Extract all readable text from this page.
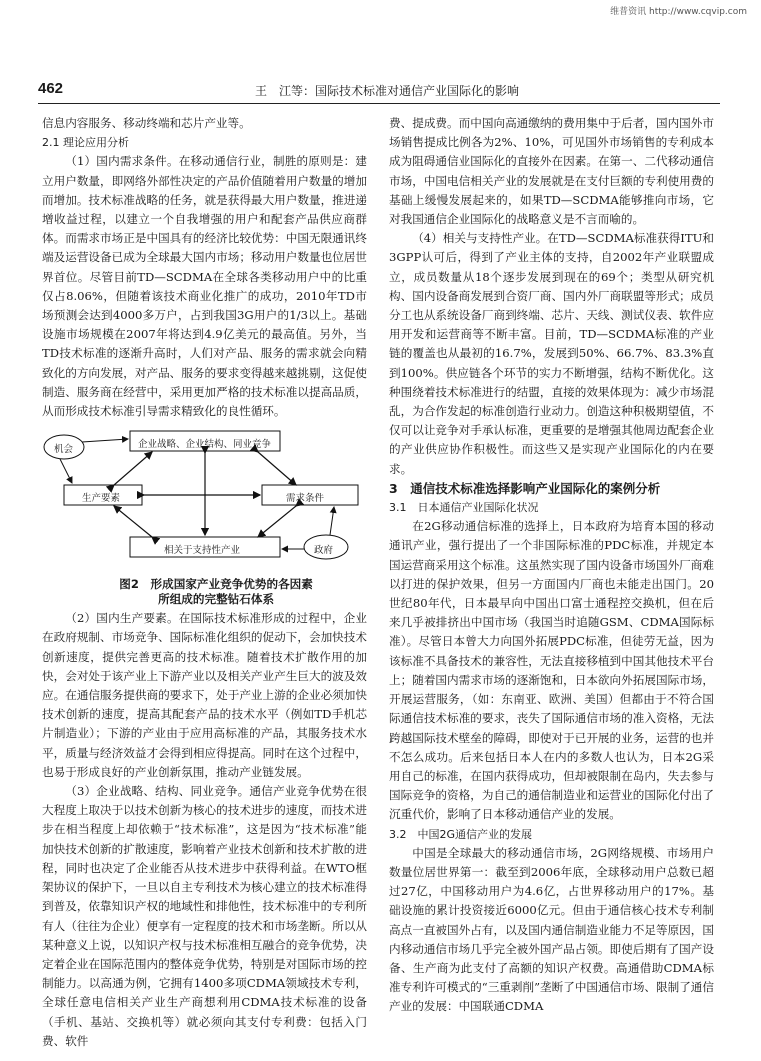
维普资讯 http://www.cqvip.com
462	王　江等：国际技术标准对通信产业国际化的影响

信息内容服务、移动终端和芯片产业等。

2.1 理论应用分析

（1）国内需求条件。在移动通信行业，制胜的原则是：建立用户数量，即网络外部性决定的产品价值随着用户数量的增加而增加。技术标准战略的任务，就是获得最大用户数量，推进递增收益过程，以建立一个自我增强的用户和配套产品供应商群体。而需求市场正是中国具有的经济比较优势：中国无限通讯终端及运营设备已成为全球最大国内市场；移动用户数量也位居世界首位。尽管目前TD—SCDMA在全球各类移动用户中的比重仅占8.06%，但随着该技术商业化推广的成功，2010年TD市场预测会达到4000多万户，占到我国3G用户的1/3以上。基础设施市场规模在2007年将达到4.9亿美元的最高值。另外，当TD技术标准的逐渐升高时，人们对产品、服务的需求就会向精致化的方向发展，对产品、服务的要求变得越来越挑剔，这促使制造、服务商在经营中，采用更加严格的技术标准以提高品质，从而形成技术标准引导需求精致化的良性循环。

机会	企业战略、企业结构、同业竞争
生产要素	需求条件
相关于支持性产业	政府

图2　形成国家产业竞争优势的各因素

所组成的完整钻石体系

（2）国内生产要素。在国际技术标准形成的过程中，企业在政府规制、市场竞争、国际标准化组织的促动下，会加快技术创新速度，提供完善更高的技术标准。随着技术扩散作用的加快，会对处于该产业上下游产业以及相关产业产生巨大的波及效应。在通信服务提供商的要求下，处于产业上游的企业必须加快技术创新的速度，提高其配套产品的技术水平（例如TD手机芯片制造业）；下游的产业由于应用高标准的产品，其服务技术水平，质量与经济效益才会得到相应得提高。同时在这个过程中，也易于形成良好的产业创新氛围，推动产业链发展。

（3）企业战略、结构、同业竞争。通信产业竞争优势在很大程度上取决于以技术创新为核心的技术进步的速度，而技术进步在相当程度上却依赖于“技术标准”，这是因为“技术标准”能加快技术创新的扩散速度，影响着产业技术创新和技术扩散的进程，同时也决定了企业能否从技术进步中获得利益。在WTO框架协议的保护下，一旦以自主专利技术为核心建立的技术标准得到普及，依靠知识产权的地域性和排他性，技术标准中的专利所有人（往往为企业）便享有一定程度的技术和市场垄断。所以从某种意义上说，以知识产权与技术标准相互融合的竞争优势，决定着企业在国际范围内的整体竞争优势，特别是对国际市场的控制能力。以高通为例，它拥有1400多项CDMA领域技术专利，全球任意电信相关产业生产商想利用CDMA技术标准的设备（手机、基站、交换机等）就必须向其支付专利费：包括入门费、软件

费、提成费。而中国向高通缴纳的费用集中于后者，国内国外市场销售提成比例各为2%、10%，可见国外市场销售的专利成本成为阻碍通信业国际化的直接外在因素。在第一、二代移动通信市场，中国电信相关产业的发展就是在支付巨额的专利使用费的基础上缓慢发展起来的，如果TD—SCDMA能够推向市场，它对我国通信企业国际化的战略意义是不言而喻的。

（4）相关与支持性产业。在TD—SCDMA标准获得ITU和3GPP认可后，得到了产业主体的支持，自2002年产业联盟成立，成员数量从18个逐步发展到现在的69个；类型从研究机构、国内设备商发展到合资厂商、国内外厂商联盟等形式；成员分工也从系统设备厂商到终端、芯片、天线、测试仪表、软件应用开发和运营商等不断丰富。目前，TD—SCDMA标准的产业链的覆盖也从最初的16.7%，发展到50%、66.7%、83.3%直到100%。供应链各个环节的实力不断增强，结构不断优化。这种围绕着技术标准进行的结盟，直接的效果体现为：减少市场混乱，为合作发起的标准创造行业动力。创造这种积极期望值，不仅可以让竞争对手承认标准，更重要的是增强其他周边配套企业的产业供应协作积极性。而这些又是实现产业国际化的内在要求。

3　通信技术标准选择影响产业国际化的案例分析

3.1　日本通信产业国际化状况

在2G移动通信标准的选择上，日本政府为培育本国的移动通讯产业，强行提出了一个非国际标准的PDC标准，并规定本国运营商采用这个标准。这虽然实现了国内设备市场国外厂商难以打进的保护效果，但另一方面国内厂商也未能走出国门。20世纪80年代，日本最早向中国出口富士通程控交换机，但在后来几乎被排挤出中国市场（我国当时追随GSM、CDMA国际标准）。尽管日本曾大力向国外拓展PDC标准，但徒劳无益，因为该标准不具备技术的兼容性，无法直接移植到中国其他技术平台上；随着国内需求市场的逐渐饱和，日本欲向外拓展国际市场，开展运营服务，（如：东南亚、欧洲、美国）但都由于不符合国际通信技术标准的要求，丧失了国际通信市场的准入资格，无法跨越国际技术壁垒的障碍，即使对于已开展的业务，运营的也并不怎么成功。后来包括日本人在内的多数人也认为，日本2G采用自己的标准，在国内获得成功，但却被限制在岛内，失去参与国际竞争的资格，为自己的通信制造业和运营业的国际化付出了沉重代价，影响了日本移动通信产业的发展。

3.2　中国2G通信产业的发展

中国是全球最大的移动通信市场，2G网络规模、市场用户数量位居世界第一：截至到2006年底，全球移动用户总数已超过27亿，中国移动用户为4.6亿，占世界移动用户的17%。基础设施的累计投资接近6000亿元。但由于通信核心技术专利制高点一直被国外占有，以及国内通信制造业能力不足等原因，国内移动通信市场几乎完全被外国产品占领。即使后期有了国产设备、生产商为此支付了高额的知识产权费。高通借助CDMA标准专利许可模式的“三重剥削”垄断了中国通信市场、限制了通信产业的发展：中国联通CDMA
